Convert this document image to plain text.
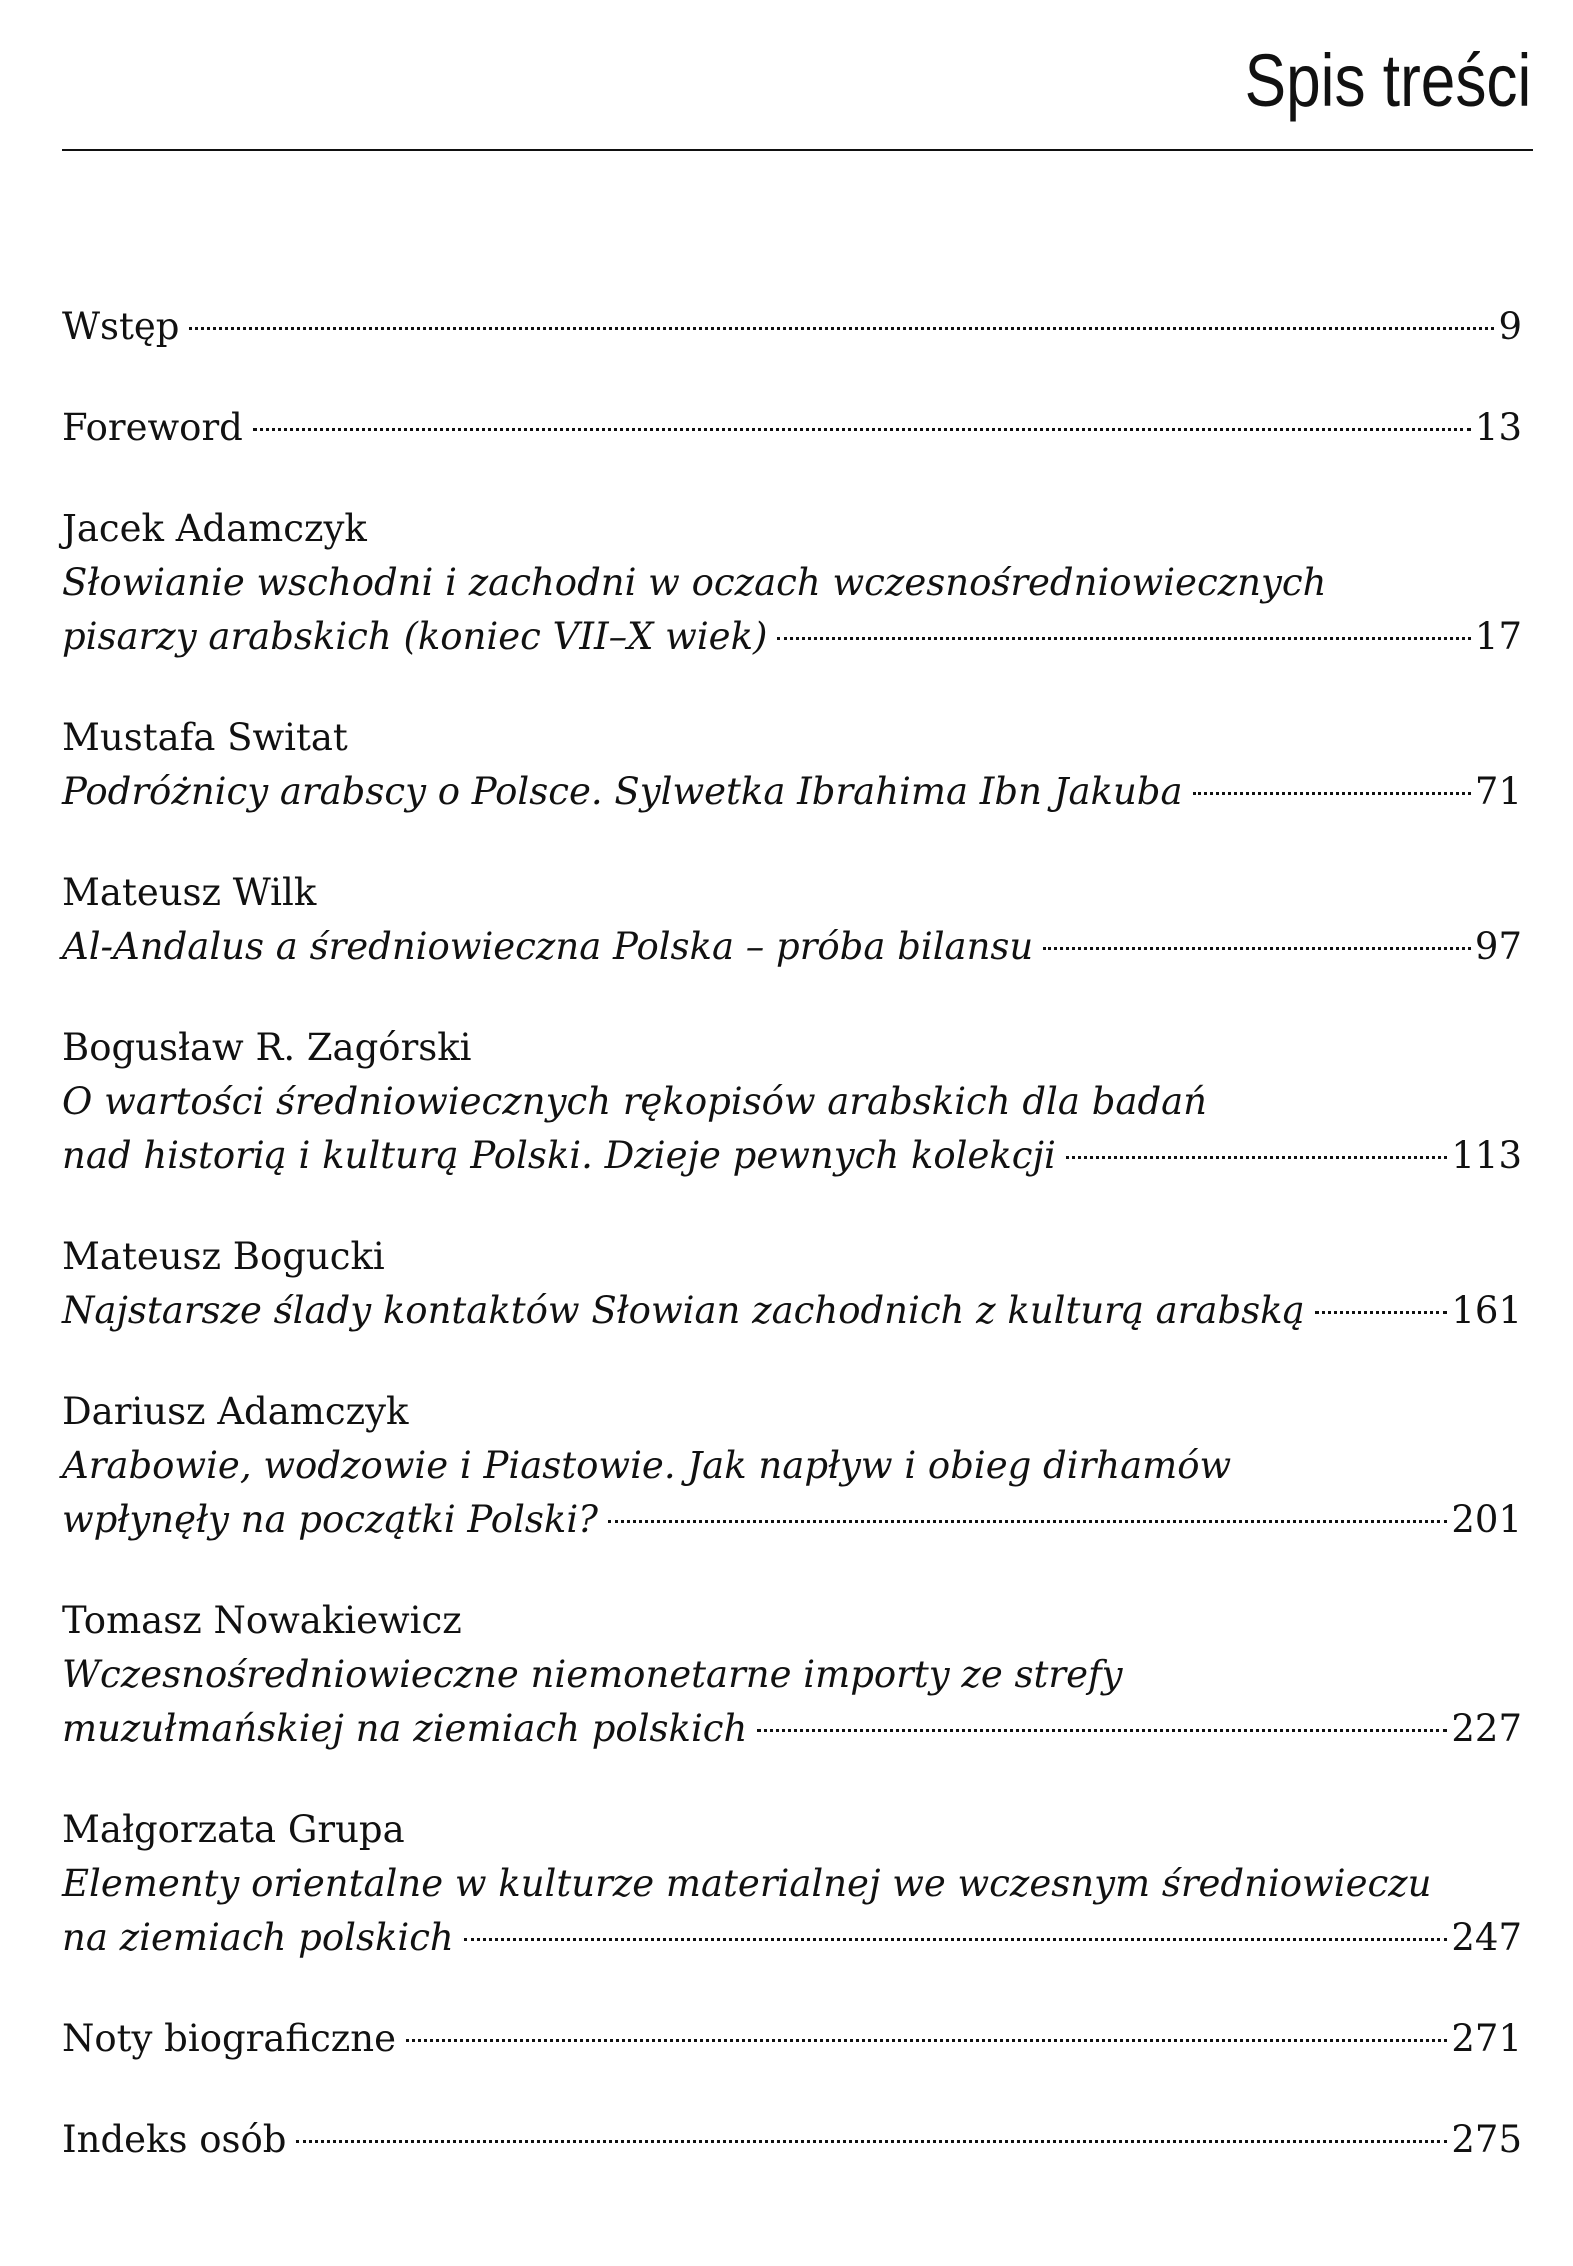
Spis treści
Wstęp	9
Foreword	13
Jacek Adamczyk
Słowianie wschodni i zachodni w oczach wczesnośredniowiecznych
pisarzy arabskich (koniec VII–X wiek)	17
Mustafa Switat
Podróżnicy arabscy o Polsce. Sylwetka Ibrahima Ibn Jakuba	71
Mateusz Wilk
Al-Andalus a średniowieczna Polska – próba bilansu	97
Bogusław R. Zagórski
O wartości średniowiecznych rękopisów arabskich dla badań
nad historią i kulturą Polski. Dzieje pewnych kolekcji	113
Mateusz Bogucki
Najstarsze ślady kontaktów Słowian zachodnich z kulturą arabską	161
Dariusz Adamczyk
Arabowie, wodzowie i Piastowie. Jak napływ i obieg dirhamów
wpłynęły na początki Polski?	201
Tomasz Nowakiewicz
Wczesnośredniowieczne niemonetarne importy ze strefy
muzułmańskiej na ziemiach polskich	227
Małgorzata Grupa
Elementy orientalne w kulturze materialnej we wczesnym średniowieczu
na ziemiach polskich	247
Noty biograficzne	271
Indeks osób	275
